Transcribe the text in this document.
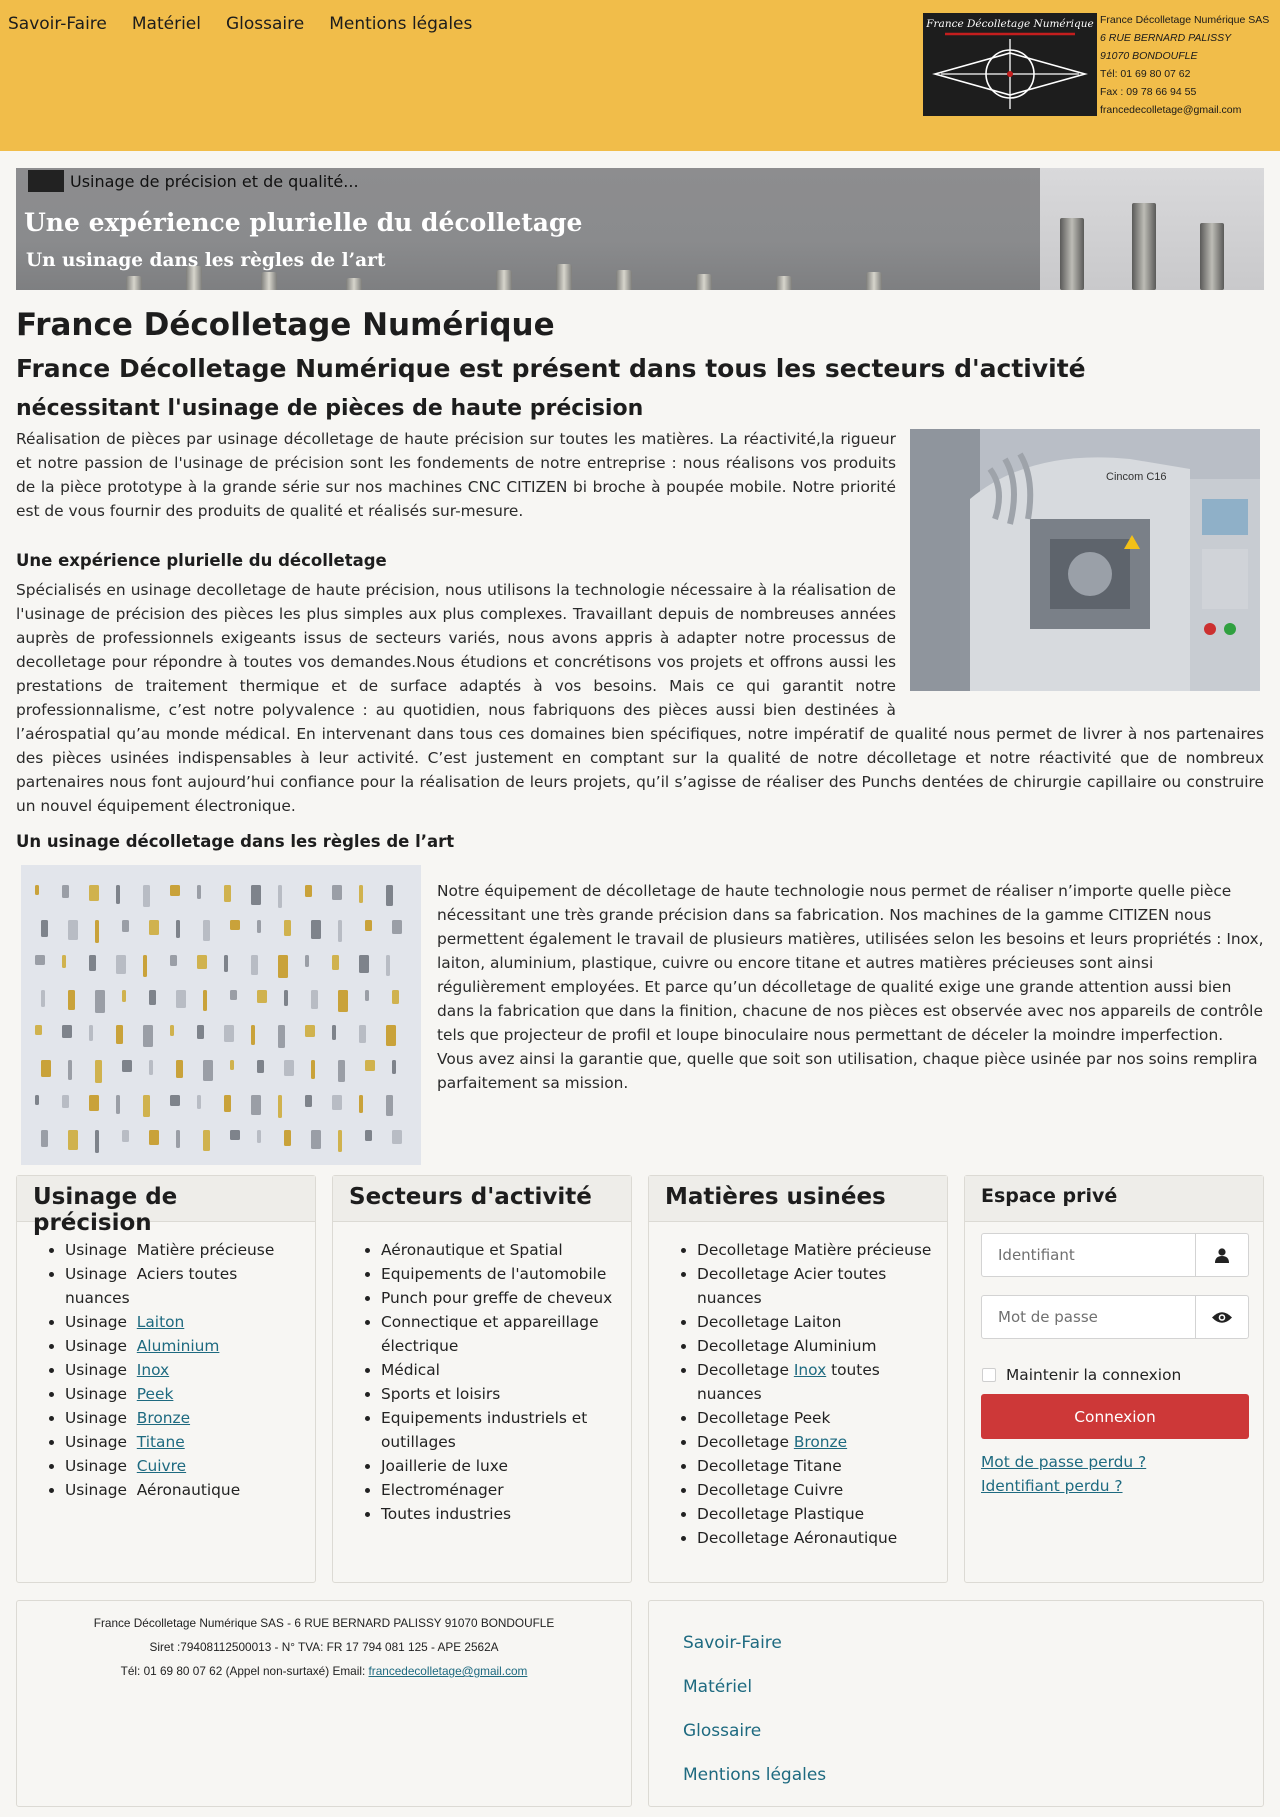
Savoir-Faire Matériel Glossaire Mentions légales	France Décolletage Numérique France Décolletage Numérique SAS
6 RUE BERNARD PALISSY
91070 BONDOUFLE
Tél: 01 69 80 07 62
Fax : 09 78 66 94 55
francedecolletage@gmail.com
Usinage de précision et de qualité...
Une expérience plurielle du décolletage
Un usinage dans les règles de l’art
France Décolletage Numérique
France Décolletage Numérique est présent dans tous les secteurs d'activité
nécessitant l'usinage de pièces de haute précision
Cincom C16

Réalisation de pièces par usinage décolletage de haute précision sur toutes les matières. La réactivité,la rigueur et notre passion de l'usinage de précision sont les fondements de notre entreprise : nous réalisons vos produits de la pièce prototype à la grande série sur nos machines CNC CITIZEN bi broche à poupée mobile. Notre priorité est de vous fournir des produits de qualité et réalisés sur-mesure.

Une expérience plurielle du décolletage

Spécialisés en usinage decolletage de haute précision, nous utilisons la technologie nécessaire à la réalisation de l'usinage de précision des pièces les plus simples aux plus complexes. Travaillant depuis de nombreuses années auprès de professionnels exigeants issus de secteurs variés, nous avons appris à adapter notre processus de decolletage pour répondre à toutes vos demandes.Nous étudions et concrétisons vos projets et offrons aussi les prestations de traitement thermique et de surface adaptés à vos besoins. Mais ce qui garantit notre professionnalisme, c’est notre polyvalence : au quotidien, nous fabriquons des pièces aussi bien destinées à l’aérospatial qu’au monde médical. En intervenant dans tous ces domaines bien spécifiques, notre impératif de qualité nous permet de livrer à nos partenaires des pièces usinées indispensables à leur activité. C’est justement en comptant sur la qualité de notre décolletage et notre réactivité que de nombreux partenaires nous font aujourd’hui confiance pour la réalisation de leurs projets, qu’il s’agisse de réaliser des Punchs dentées de chirurgie capillaire ou construire un nouvel équipement électronique.

Un usinage décolletage dans les règles de l’art

Notre équipement de décolletage de haute technologie nous permet de réaliser n’importe quelle pièce nécessitant une très grande précision dans sa fabrication. Nos machines de la gamme CITIZEN nous permettent également le travail de plusieurs matières, utilisées selon les besoins et leurs propriétés : Inox, laiton, aluminium, plastique, cuivre ou encore titane et autres matières précieuses sont ainsi régulièrement employées. Et parce qu’un décolletage de qualité exige une grande attention aussi bien dans la fabrication que dans la finition, chacune de nos pièces est observée avec nos appareils de contrôle tels que projecteur de profil et loupe binoculaire nous permettant de déceler la moindre imperfection. Vous avez ainsi la garantie que, quelle que soit son utilisation, chaque pièce usinée par nos soins remplira parfaitement sa mission.

Usinage de précision
• Usinage Matière précieuse
• Usinage Aciers toutes nuances
• Usinage Laiton
• Usinage Aluminium
• Usinage Inox
• Usinage Peek
• Usinage Bronze
• Usinage Titane
• Usinage Cuivre
• Usinage Aéronautique
Secteurs d'activité
• Aéronautique et Spatial
• Equipements de l'automobile
• Punch pour greffe de cheveux
• Connectique et appareillage électrique
• Médical
• Sports et loisirs
• Equipements industriels et outillages
• Joaillerie de luxe
• Electroménager
• Toutes industries
Matières usinées
• Decolletage Matière précieuse
• Decolletage Acier toutes nuances
• Decolletage Laiton
• Decolletage Aluminium
• Decolletage Inox toutes nuances
• Decolletage Peek
• Decolletage Bronze
• Decolletage Titane
• Decolletage Cuivre
• Decolletage Plastique
• Decolletage Aéronautique
Espace privé
Identifiant
Maintenir la connexion
Connexion
Mot de passe perdu ?
Identifiant perdu ?
France Décolletage Numérique SAS - 6 RUE BERNARD PALISSY 91070 BONDOUFLE
Siret :79408112500013 - N° TVA: FR 17 794 081 125 - APE 2562A
Tél: 01 69 80 07 62 (Appel non-surtaxé) Email: francedecolletage@gmail.com
Savoir-Faire
Matériel
Glossaire
Mentions légales
